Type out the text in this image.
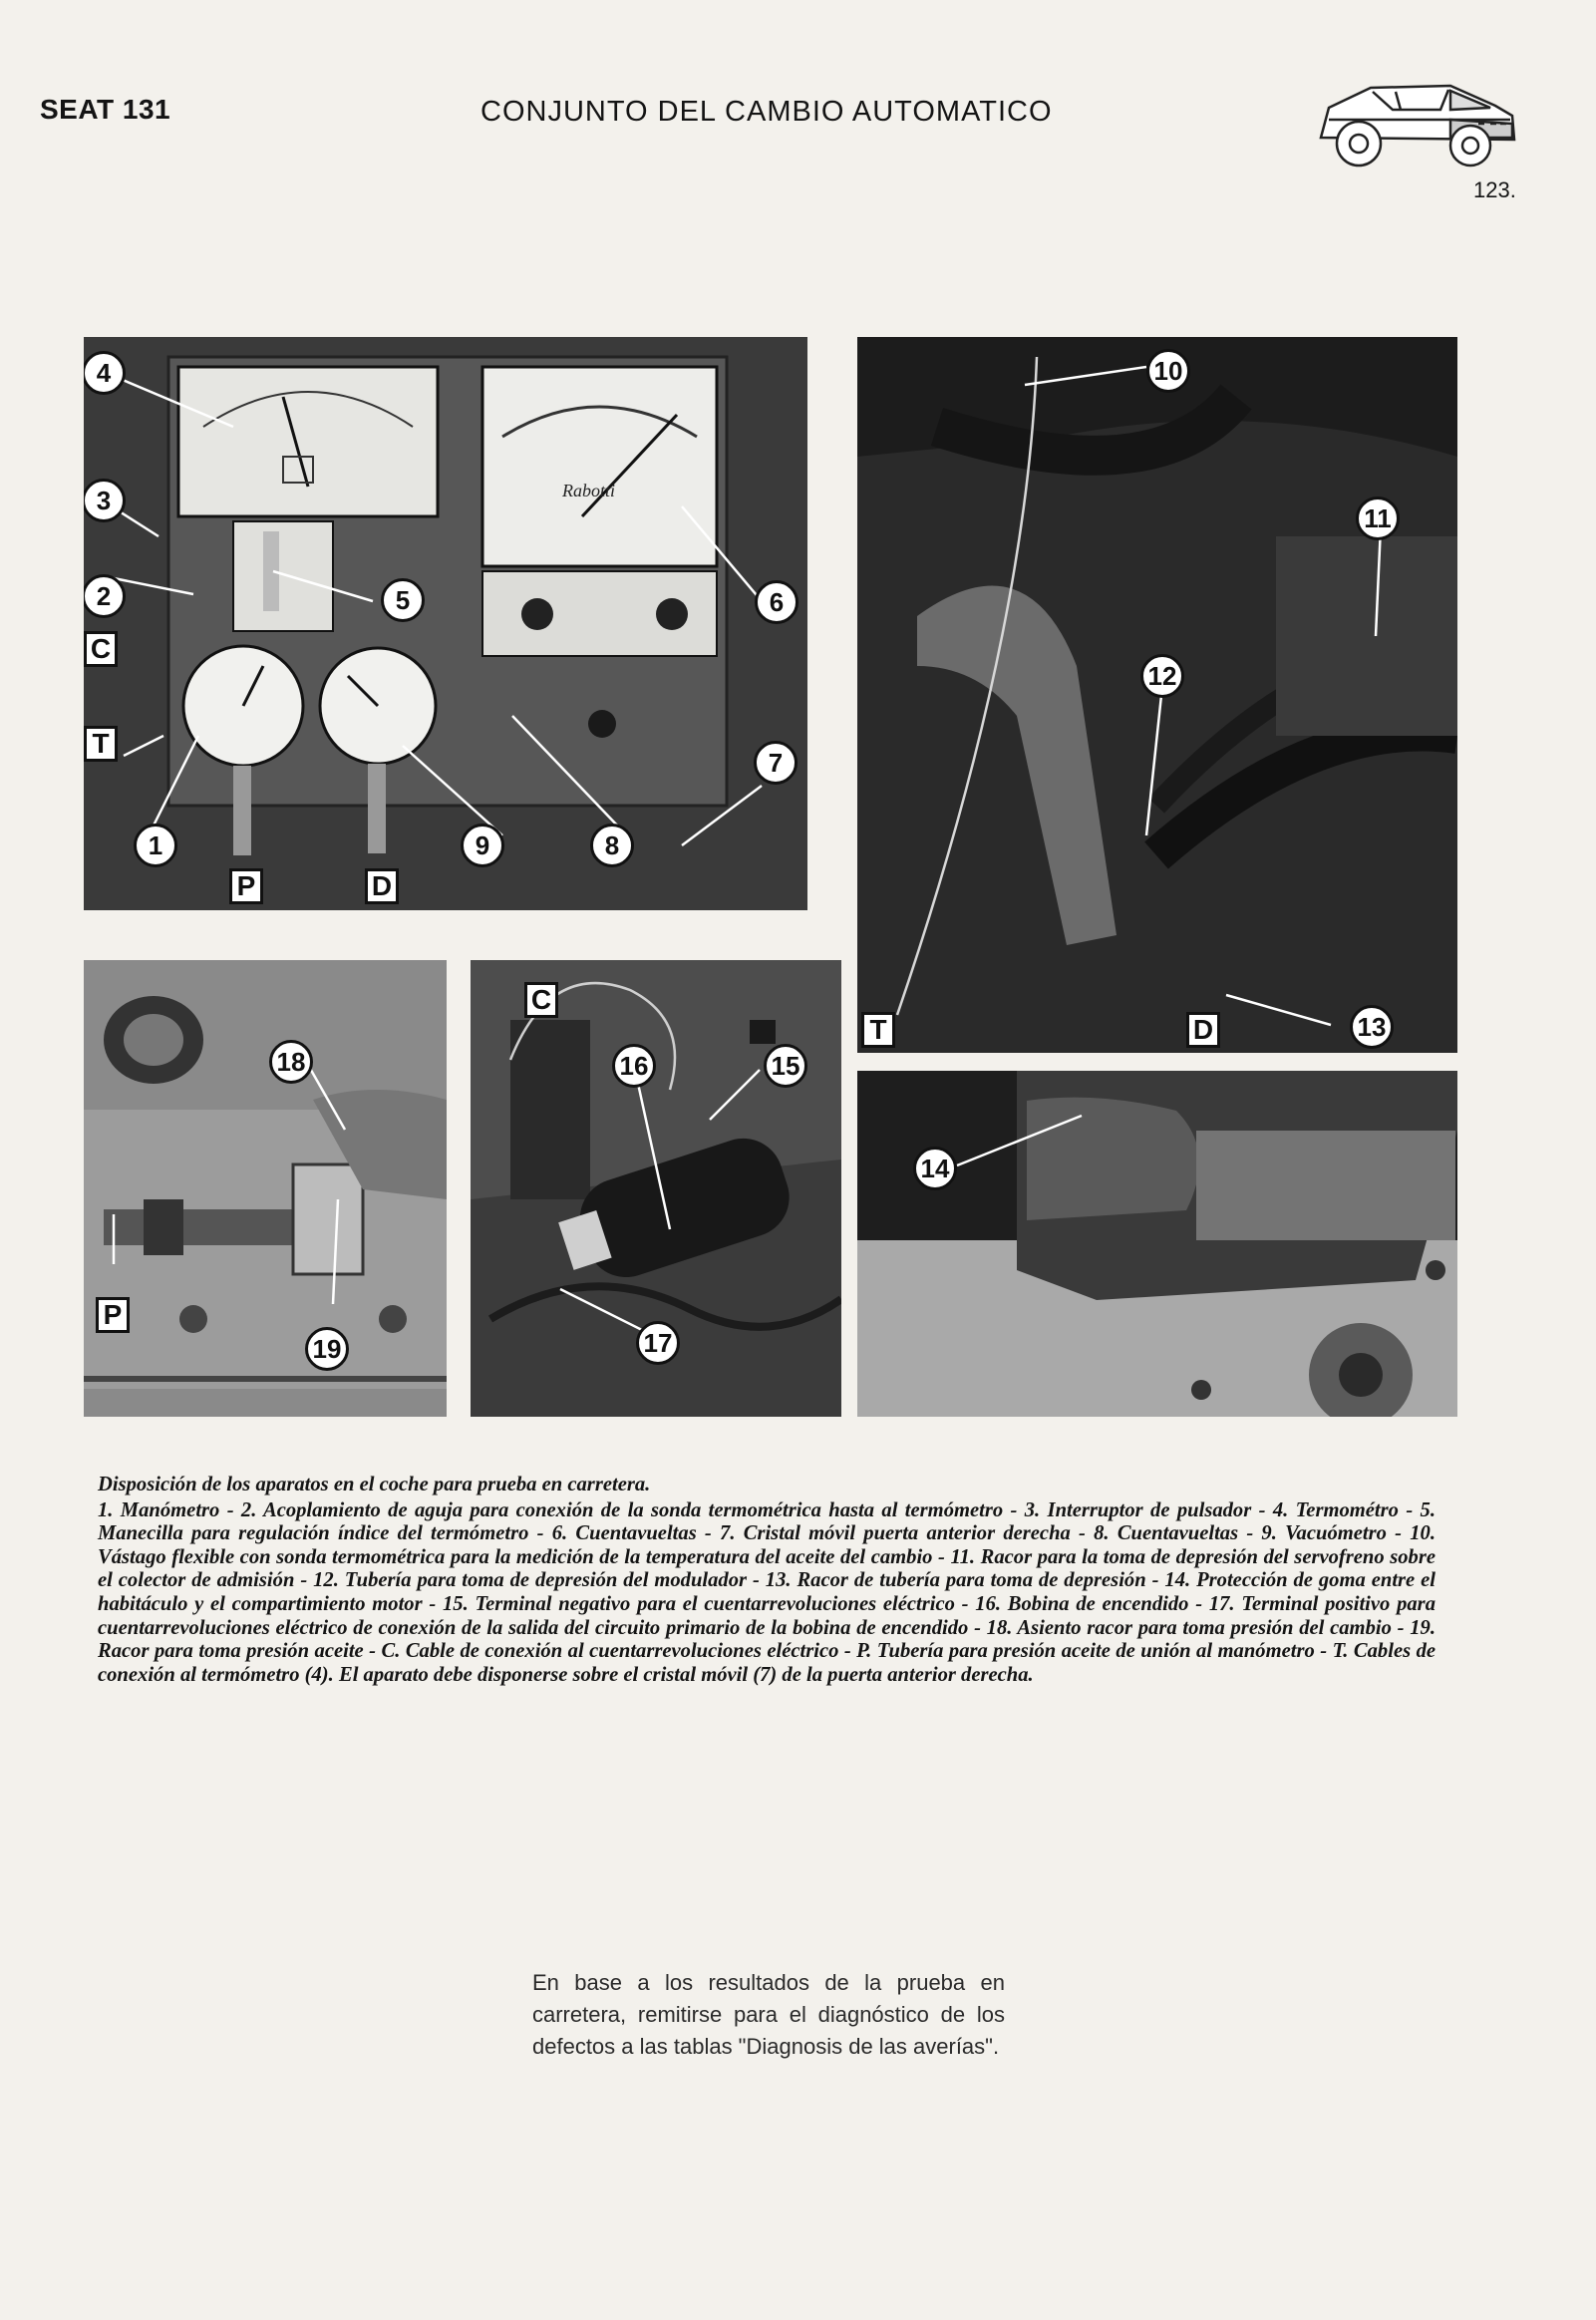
SEAT 131	CONJUNTO DEL CAMBIO AUTOMATICO
123.
Rabotti
4
3
2
C
T
5	6
7
1	9	8
P	D
10
11
12
T	D	13
18
P
19
C
16	15
17
14

Disposición de los aparatos en el coche para prueba en carretera.

1. Manómetro - 2. Acoplamiento de aguja para conexión de la sonda termométrica hasta al termómetro - 3. Interruptor de pulsador - 4. Termométro - 5. Manecilla para regulación índice del termómetro - 6. Cuentavueltas - 7. Cristal móvil puerta anterior derecha - 8. Cuentavueltas - 9. Vacuómetro - 10. Vástago flexible con sonda termométrica para la medición de la temperatura del aceite del cambio - 11. Racor para la toma de depresión del servofreno sobre el colector de admisión - 12. Tubería para toma de depresión del modulador - 13. Racor de tubería para toma de depresión - 14. Protección de goma entre el habitáculo y el compartimiento motor - 15. Terminal negativo para el cuentarrevoluciones eléctrico - 16. Bobina de encendido - 17. Terminal positivo para cuentarrevoluciones eléctrico de conexión de la salida del circuito primario de la bobina de encendido - 18. Asiento racor para toma presión del cambio - 19. Racor para toma presión aceite - C. Cable de conexión al cuentarrevoluciones eléctrico - P. Tubería para presión aceite de unión al manómetro - T. Cables de conexión al termómetro (4). El aparato debe disponerse sobre el cristal móvil (7) de la puerta anterior derecha.

En base a los resultados de la prueba en carretera, remitirse para el diagnóstico de los defectos a las tablas "Diagnosis de las averías".
